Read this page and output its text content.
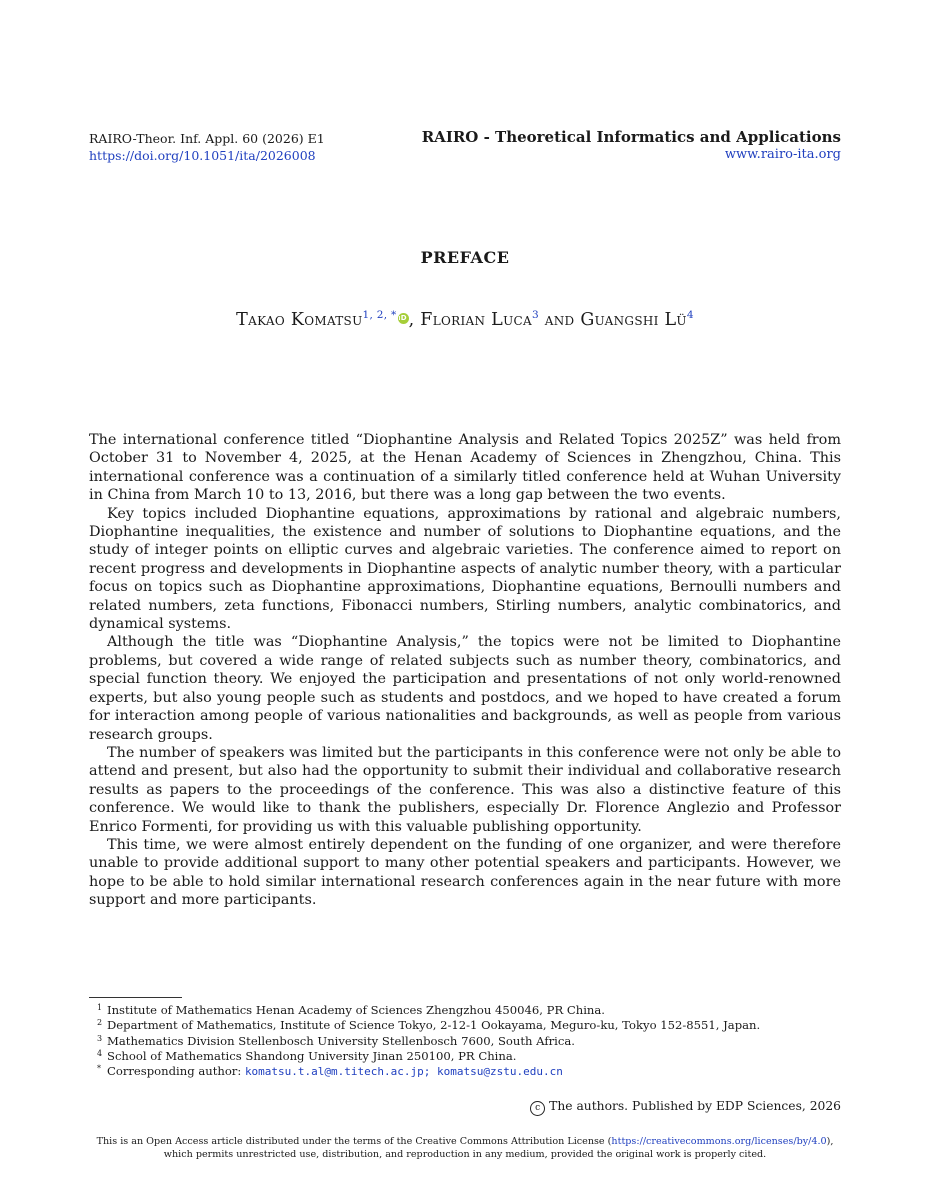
RAIRO-Theor. Inf. Appl. 60 (2026) E1
https://doi.org/10.1051/ita/2026008
RAIRO - Theoretical Informatics and Applications
www.rairo-ita.org
PREFACE
Takao Komatsu$^{1, 2, *}$iD , Florian Luca$^3$ and Guangshi $Lü^4$

The international conference titled “Diophantine Analysis and Related Topics 2025Z” was held from October 31 to November 4, 2025, at the Henan Academy of Sciences in Zhengzhou, China. This international conference was a continuation of a similarly titled conference held at Wuhan University in China from March 10 to 13, 2016, but there was a long gap between the two events.

Key topics included Diophantine equations, approximations by rational and algebraic numbers, Diophantine inequalities, the existence and number of solutions to Diophantine equations, and the study of integer points on elliptic curves and algebraic varieties. The conference aimed to report on recent progress and developments in Diophantine aspects of analytic number theory, with a particular focus on topics such as Diophantine approximations, Diophantine equations, Bernoulli numbers and related numbers, zeta functions, Fibonacci numbers, Stirling numbers, analytic combinatorics, and dynamical systems.

Although the title was “Diophantine Analysis,” the topics were not be limited to Diophantine problems, but covered a wide range of related subjects such as number theory, combinatorics, and special function theory. We enjoyed the participation and presentations of not only world-renowned experts, but also young people such as students and postdocs, and we hoped to have created a forum for interaction among people of various nationalities and backgrounds, as well as people from various research groups.

The number of speakers was limited but the participants in this conference were not only be able to attend and present, but also had the opportunity to submit their individual and collaborative research results as papers to the proceedings of the conference. This was also a distinctive feature of this conference. We would like to thank the publishers, especially Dr. Florence Anglezio and Professor Enrico Formenti, for providing us with this valuable publishing opportunity.

This time, we were almost entirely dependent on the funding of one organizer, and were therefore unable to provide additional support to many other potential speakers and participants. However, we hope to be able to hold similar international research conferences again in the near future with more support and more participants.

1 Institute of Mathematics Henan Academy of Sciences Zhengzhou 450046, PR China.
2 Department of Mathematics, Institute of Science Tokyo, 2-12-1 Ookayama, Meguro-ku, Tokyo 152-8551, Japan.
3 Mathematics Division Stellenbosch University Stellenbosch 7600, South Africa.
4 School of Mathematics Shandong University Jinan 250100, PR China.
* Corresponding author: komatsu.t.al@m.titech.ac.jp; komatsu@zstu.edu.cn
c The authors. Published by EDP Sciences, 2026
This is an Open Access article distributed under the terms of the Creative Commons Attribution License (https://creativecommons.org/licenses/by/4.0),
which permits unrestricted use, distribution, and reproduction in any medium, provided the original work is properly cited.
